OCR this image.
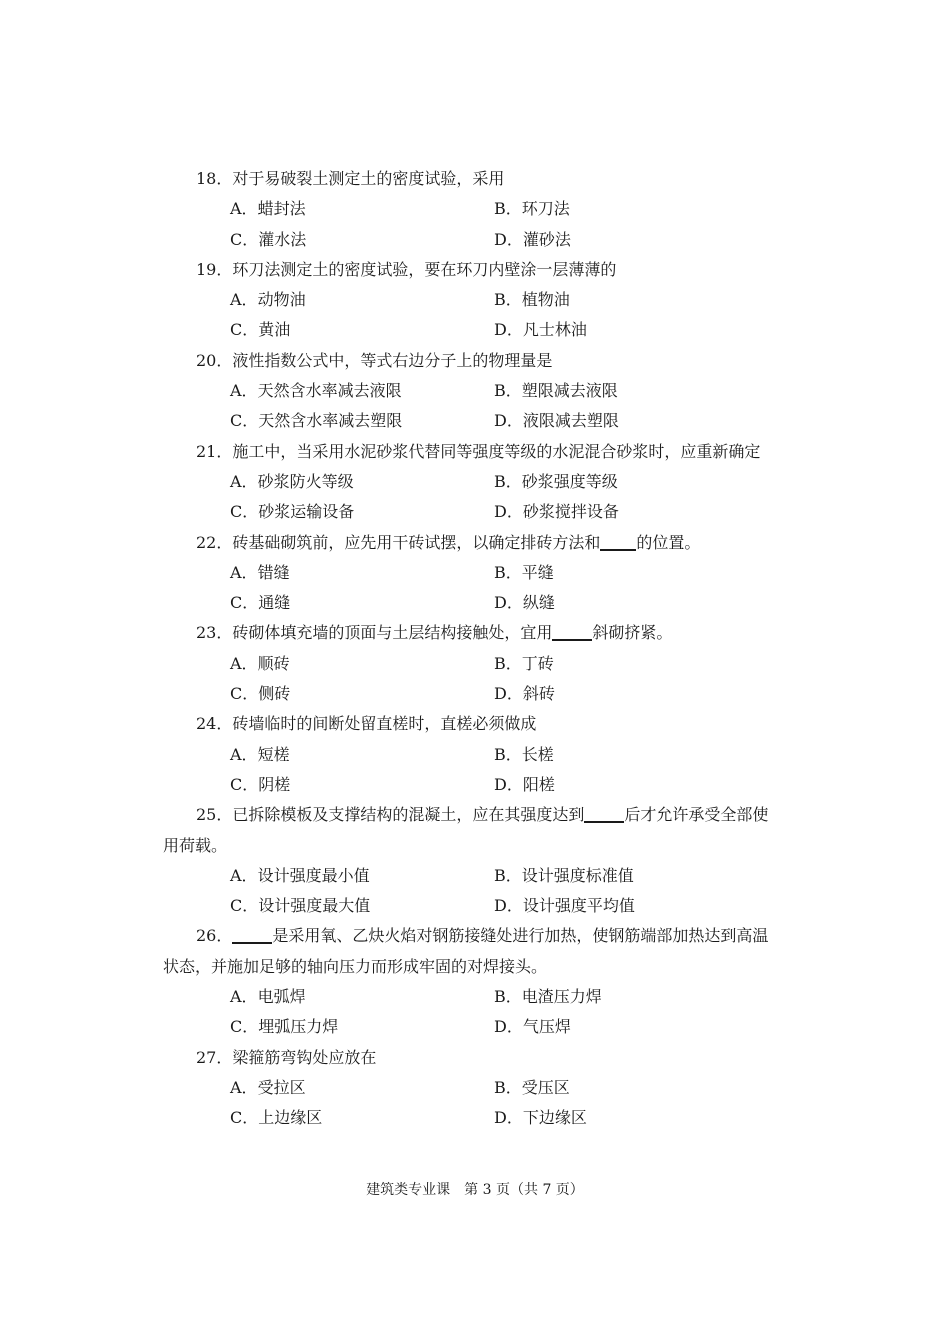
18．对于易破裂土测定土的密度试验，采用
A．蜡封法	B．环刀法
C．灌水法	D．灌砂法
19．环刀法测定土的密度试验，要在环刀内壁涂一层薄薄的
A．动物油	B．植物油
C．黄油	D．凡士林油
20．液性指数公式中，等式右边分子上的物理量是
A．天然含水率减去液限	B．塑限减去液限
C．天然含水率减去塑限	D．液限减去塑限
21．施工中，当采用水泥砂浆代替同等强度等级的水泥混合砂浆时，应重新确定
A．砂浆防火等级	B．砂浆强度等级
C．砂浆运输设备	D．砂浆搅拌设备
22．砖基础砌筑前，应先用干砖试摆，以确定排砖方法和 的位置。
A．错缝	B．平缝
C．通缝	D．纵缝
23．砖砌体填充墙的顶面与土层结构接触处，宜用	斜砌挤紧。
A．顺砖	B．丁砖
C．侧砖	D．斜砖
24．砖墙临时的间断处留直槎时，直槎必须做成
A．短槎	B．长槎
C．阴槎	D．阳槎
25．已拆除模板及支撑结构的混凝土，应在其强度达到	后才允许承受全部使
用荷载。
A．设计强度最小值	B．设计强度标准值
C．设计强度最大值	D．设计强度平均值
26．	是采用氧、乙炔火焰对钢筋接缝处进行加热，使钢筋端部加热达到高温
状态，并施加足够的轴向压力而形成牢固的对焊接头。
A．电弧焊	B．电渣压力焊
C．埋弧压力焊	D．气压焊
27．梁箍筋弯钩处应放在
A．受拉区	B．受压区
C．上边缘区	D．下边缘区
建筑类专业课　第 3 页（共 7 页）
